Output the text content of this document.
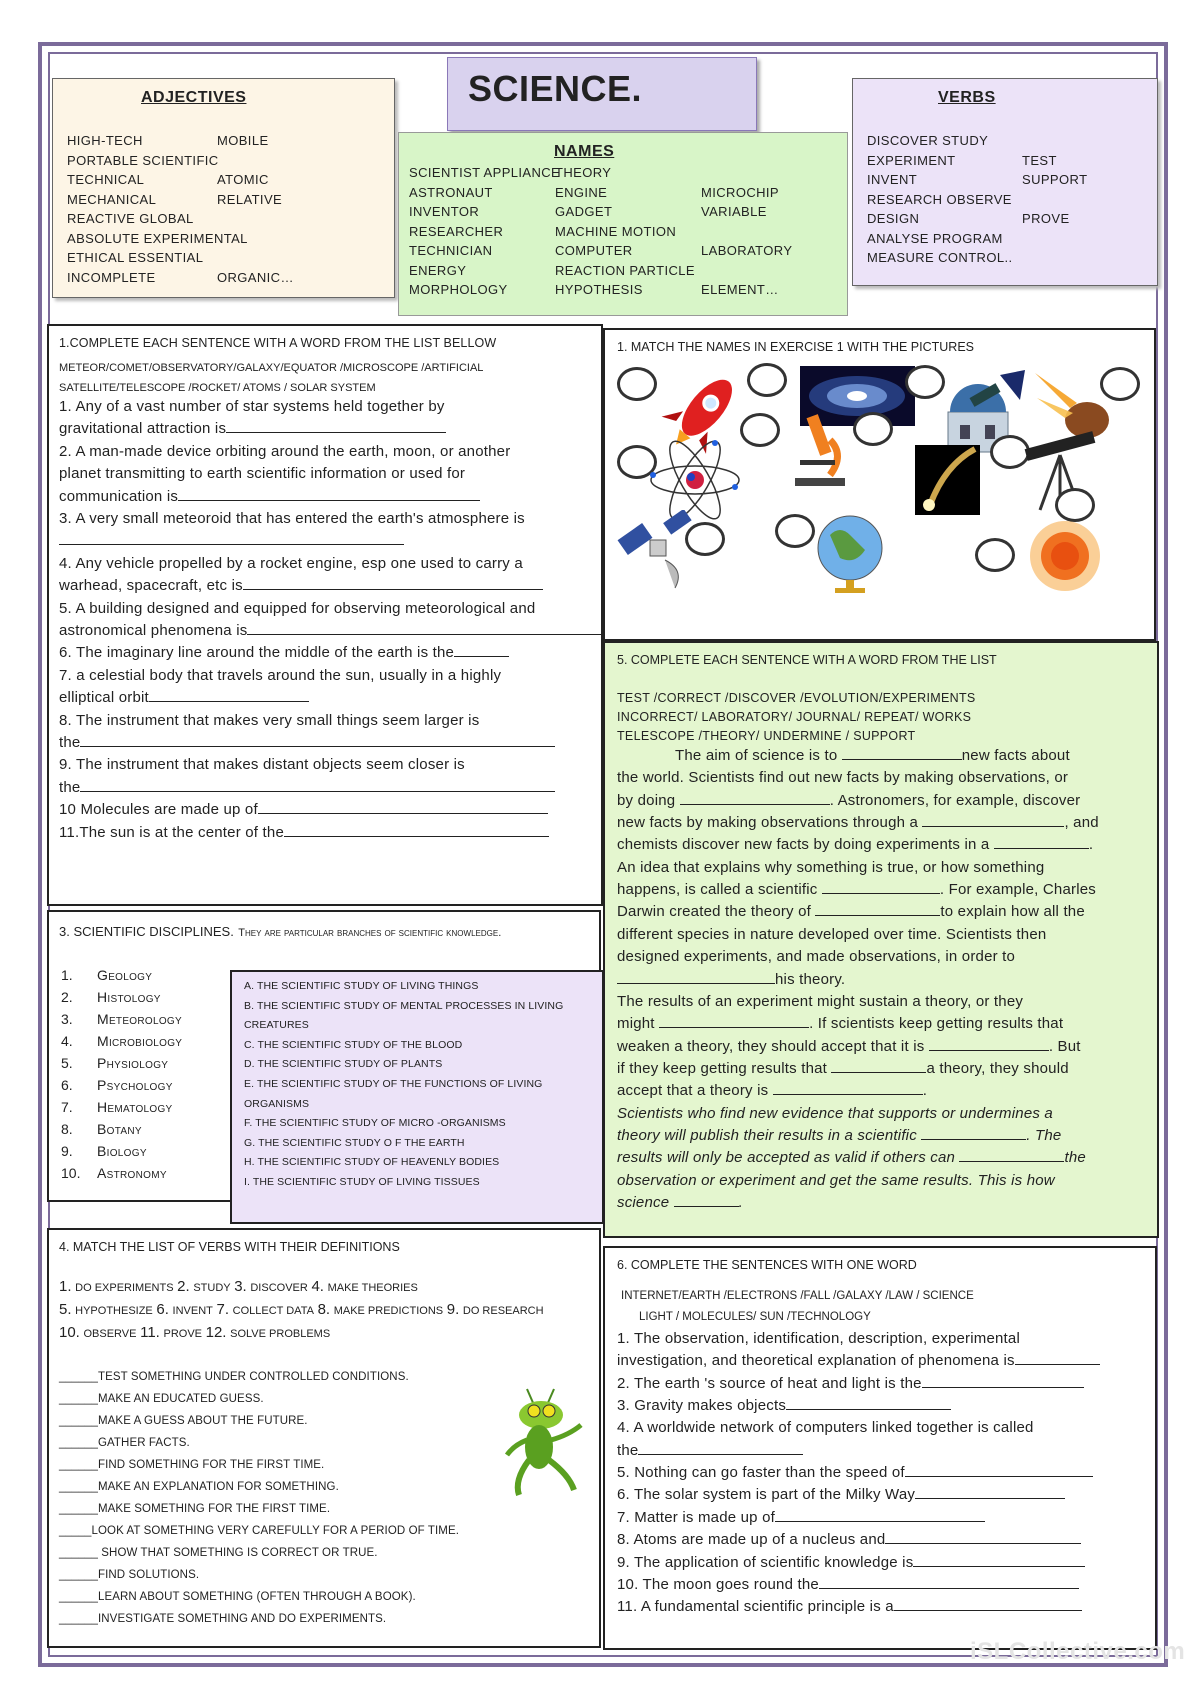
ADJECTIVES
HIGH-TECH	MOBILE
PORTABLE SCIENTIFIC
TECHNICAL	ATOMIC
MECHANICAL	RELATIVE
REACTIVE GLOBAL
ABSOLUTE EXPERIMENTAL
ETHICAL ESSENTIAL
INCOMPLETE	ORGANIC…
SCIENCE.
NAMES
SCIENTIST APPLIANCE
THEORY
ASTRONAUT	ENGINE	MICROCHIP
INVENTOR	GADGET	VARIABLE
RESEARCHER	MACHINE MOTION
TECHNICIAN	COMPUTER	LABORATORY
ENERGY	REACTION PARTICLE
MORPHOLOGY	HYPOTHESIS	ELEMENT…
VERBS
DISCOVER STUDY
EXPERIMENT	TEST
INVENT	SUPPORT
RESEARCH OBSERVE
DESIGN	PROVE
ANALYSE PROGRAM
MEASURE CONTROL..
1.COMPLETE EACH SENTENCE WITH A WORD FROM THE LIST BELLOW
METEOR/COMET/OBSERVATORY/GALAXY/EQUATOR /MICROSCOPE /ARTIFICIAL SATELLITE/TELESCOPE /ROCKET/ ATOMS / SOLAR SYSTEM
1. Any of a vast number of star systems held together by
gravitational attraction is
2. A man-made device orbiting around the earth, moon, or another
planet transmitting to earth scientific information or used for
communication is
3. A very small meteoroid that has entered the earth's atmosphere is
4. Any vehicle propelled by a rocket engine, esp one used to carry a
warhead, spacecraft, etc is
5. A building designed and equipped for observing meteorological and
astronomical phenomena is
6. The imaginary line around the middle of the earth is the
7. a celestial body that travels around the sun, usually in a highly
elliptical orbit
8. The instrument that makes very small things seem larger is
the
9. The instrument that makes distant objects seem closer is
the
10 Molecules are made up of
11.The sun is at the center of the
1. MATCH THE NAMES IN EXERCISE 1 WITH THE PICTURES
5. COMPLETE EACH SENTENCE WITH A WORD FROM THE LIST
TEST /CORRECT /DISCOVER /EVOLUTION/EXPERIMENTS
INCORRECT/ LABORATORY/ JOURNAL/ REPEAT/ WORKS
TELESCOPE /THEORY/ UNDERMINE / SUPPORT
The aim of science is to	new facts about
the world. Scientists find out new facts by making observations, or
by doing	. Astronomers, for example, discover
new facts by making observations through a	, and
chemists discover new facts by doing experiments in a	.
An idea that explains why something is true, or how something
happens, is called a scientific	. For example, Charles
Darwin created the theory of	to explain how all the
different species in nature developed over time. Scientists then
designed experiments, and made observations, in order to
his theory.
The results of an experiment might sustain a theory, or they
might	. If scientists keep getting results that
weaken a theory, they should accept that it is	. But
if they keep getting results that	a theory, they should
accept that a theory is	.
Scientists who find new evidence that supports or undermines a
theory will publish their results in a scientific	. The
results will only be accepted as valid if others can	the
observation or experiment and get the same results. This is how
science	.
3. SCIENTIFIC DISCIPLINES. They are particular branches of scientific knowledge.
1.	Geology
2.	Histology
3.	Meteorology
4.	Microbiology
5.	Physiology
6.	Psychology
7.	Hematology
8.	Botany
9.	Biology
10.	Astronomy
A. THE SCIENTIFIC STUDY OF LIVING THINGS
B. THE SCIENTIFIC STUDY OF MENTAL PROCESSES IN LIVING CREATURES
C. THE SCIENTIFIC STUDY OF THE BLOOD
D. THE SCIENTIFIC STUDY OF PLANTS
E. THE SCIENTIFIC STUDY OF THE FUNCTIONS OF LIVING ORGANISMS
F. THE SCIENTIFIC STUDY OF MICRO -ORGANISMS
G. THE SCIENTIFIC STUDY O F THE EARTH
H. THE SCIENTIFIC STUDY OF HEAVENLY BODIES
I. THE SCIENTIFIC STUDY OF LIVING TISSUES
4. MATCH THE LIST OF VERBS WITH THEIR DEFINITIONS
1. DO EXPERIMENTS 2. STUDY 3. DISCOVER 4. MAKE THEORIES
5. HYPOTHESIZE 6. INVENT 7. COLLECT DATA 8. MAKE PREDICTIONS 9. DO RESEARCH
10. OBSERVE 11. PROVE 12. SOLVE PROBLEMS
______TEST SOMETHING UNDER CONTROLLED CONDITIONS.
______MAKE AN EDUCATED GUESS.
______MAKE A GUESS ABOUT THE FUTURE.
______GATHER FACTS.
______FIND SOMETHING FOR THE FIRST TIME.
______MAKE AN EXPLANATION FOR SOMETHING.
______MAKE SOMETHING FOR THE FIRST TIME.
_____LOOK AT SOMETHING VERY CAREFULLY FOR A PERIOD OF TIME.
______ SHOW THAT SOMETHING IS CORRECT OR TRUE.
______FIND SOLUTIONS.
______LEARN ABOUT SOMETHING (OFTEN THROUGH A BOOK).
______INVESTIGATE SOMETHING AND DO EXPERIMENTS.
6. COMPLETE THE SENTENCES WITH ONE WORD
INTERNET/EARTH /ELECTRONS /FALL /GALAXY /LAW / SCIENCE
LIGHT / MOLECULES/ SUN /TECHNOLOGY
1. The observation, identification, description, experimental
investigation, and theoretical explanation of phenomena is
2. The earth 's source of heat and light is the
3. Gravity makes objects
4. A worldwide network of computers linked together is called
the
5. Nothing can go faster than the speed of
6. The solar system is part of the Milky Way
7. Matter is made up of
8. Atoms are made up of a nucleus and
9. The application of scientific knowledge is
10. The moon goes round the
11. A fundamental scientific principle is a
iSLCollective.com
